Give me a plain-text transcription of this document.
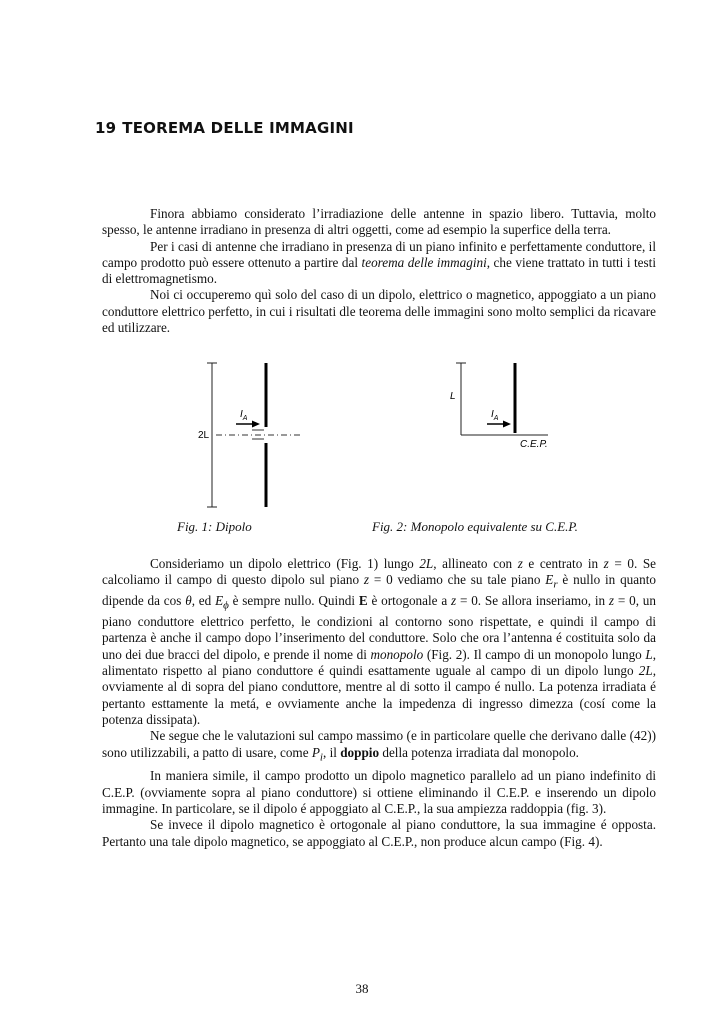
19 TEOREMA DELLE IMMAGINI

Finora abbiamo considerato l’irradiazione delle antenne in spazio libero. Tuttavia, molto spesso, le antenne irradiano in presenza di altri oggetti, come ad esempio la superfice della terra.

Per i casi di antenne che irradiano in presenza di un piano infinito e perfettamente conduttore, il campo prodotto può essere ottenuto a partire dal teorema delle immagini, che viene trattato in tutti i testi di elettromagnetismo.

Noi ci occuperemo quì solo del caso di un dipolo, elettrico o magnetico, appoggiato a un piano conduttore elettrico perfetto, in cui i risultati dle teorema delle immagini sono molto semplici da ricavare ed utilizzare.

$I_A$
2L
$I_A$
L
C.E.P.
Fig. 1: Dipolo	Fig. 2: Monopolo equivalente su C.E.P.

Consideriamo un dipolo elettrico (Fig. 1) lungo 2L, allineato con z e centrato in z = 0. Se calcoliamo il campo di questo dipolo sul piano z = 0 vediamo che su tale piano $E_r$ è nullo in quanto dipende da cos θ, ed $E_\phi$ è sempre nullo. Quindi E è ortogonale a z = 0. Se allora inseriamo, in z = 0, un piano conduttore elettrico perfetto, le condizioni al contorno sono rispettate, e quindi il campo di partenza è anche il campo dopo l’inserimento del conduttore. Solo che ora l’antenna é costituita solo da uno dei due bracci del dipolo, e prende il nome di monopolo (Fig. 2). Il campo di un monopolo lungo L, alimentato rispetto al piano conduttore é quindi esattamente uguale al campo di un dipolo lungo 2L, ovviamente al di sopra del piano conduttore, mentre al di sotto il campo é nullo. La potenza irradiata é pertanto esttamente la metá, e ovviamente anche la impedenza di ingresso dimezza (cosí come la potenza dissipata).

Ne segue che le valutazioni sul campo massimo (e in particolare quelle che derivano dalle (42)) sono utilizzabili, a patto di usare, come $P_i$, il doppio della potenza irradiata dal monopolo.

In maniera simile, il campo prodotto un dipolo magnetico parallelo ad un piano indefinito di C.E.P. (ovviamente sopra al piano conduttore) si ottiene eliminando il C.E.P. e inserendo un dipolo immagine. In particolare, se il dipolo é appoggiato al C.E.P., la sua ampiezza raddoppia (fig. 3).

Se invece il dipolo magnetico è ortogonale al piano conduttore, la sua immagine é opposta. Pertanto una tale dipolo magnetico, se appoggiato al C.E.P., non produce alcun campo (Fig. 4).

38
